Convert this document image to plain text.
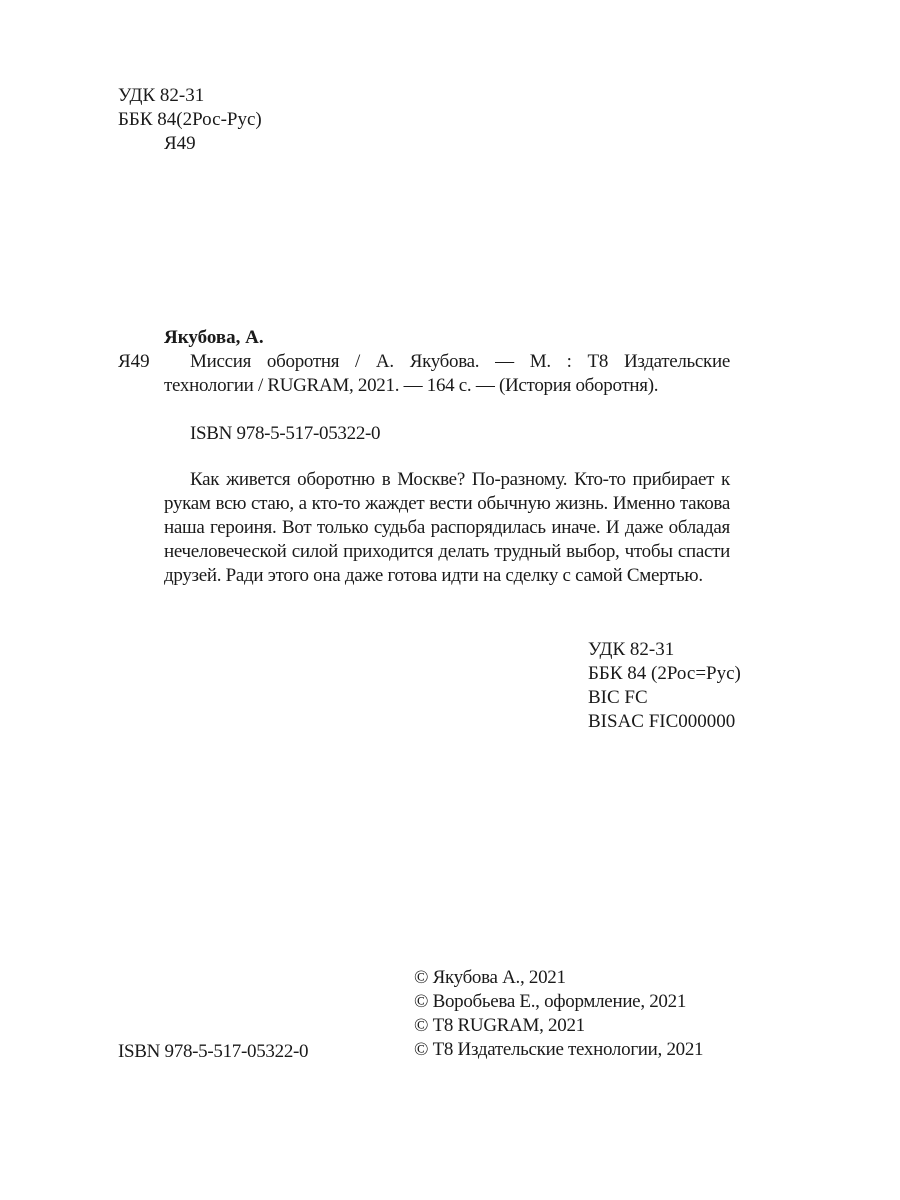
УДК 82-31
ББК 84(2Рос-Рус)
Я49
Якубова, А.
Я49	Миссия оборотня / А. Якубова. — М. : Т8 Издательские
технологии / RUGRAM, 2021. — 164 с. — (История оборотня).
ISBN 978-5-517-05322-0
Как живется оборотню в Москве? По-разному. Кто-то прибирает к рукам всю стаю, а кто-то жаждет вести обычную жизнь. Именно такова наша героиня. Вот только судьба распорядилась иначе. И даже обладая нечеловеческой силой приходится делать трудный выбор, чтобы спасти друзей. Ради этого она даже готова идти на сделку с самой Смертью.
УДК 82-31
ББК 84 (2Рос=Рус)
BIC FC
BISAC FIC000000
© Якубова А., 2021
© Воробьева Е., оформление, 2021
© Т8 RUGRAM, 2021
© Т8 Издательские технологии, 2021
ISBN 978-5-517-05322-0
